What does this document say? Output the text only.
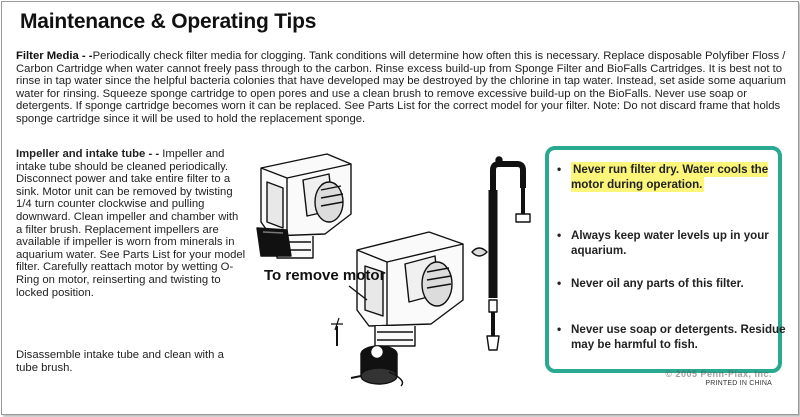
Maintenance & Operating Tips
Filter Media - -Periodically check filter media for clogging. Tank conditions will determine how often this is necessary. Replace disposable Polyfiber Floss / Carbon Cartridge when water cannot freely pass through to the carbon. Rinse excess build-up from Sponge Filter and BioFalls Cartridges. It is best not to rinse in tap water since the helpful bacteria colonies that have developed may be destroyed by the chlorine in tap water. Instead, set aside some aquarium water for rinsing. Squeeze sponge cartridge to open pores and use a clean brush to remove excessive build-up on the BioFalls. Never use soap or detergents. If sponge cartridge becomes worn it can be replaced. See Parts List for the correct model for your filter. Note: Do not discard frame that holds sponge cartridge since it will be used to hold the replacement sponge.
Impeller and intake tube - - Impeller and intake tube should be cleaned periodically. Disconnect power and take entire filter to a sink. Motor unit can be removed by twisting 1/4 turn counter clockwise and pulling downward. Clean impeller and chamber with a filter brush. Replacement impellers are available if impeller is worn from minerals in aquarium water. See Parts List for your model filter. Carefully reattach motor by wetting O-Ring on motor, reinserting and twisting to locked position.
Disassemble intake tube and clean with a tube brush.
To remove motor
• Never run filter dry. Water cools the motor during operation.
• Always keep water levels up in your aquarium.
• Never oil any parts of this filter.
• Never use soap or detergents. Residue may be harmful to fish.
© 2005 Penn-Plax, Inc.
PRINTED IN CHINA
